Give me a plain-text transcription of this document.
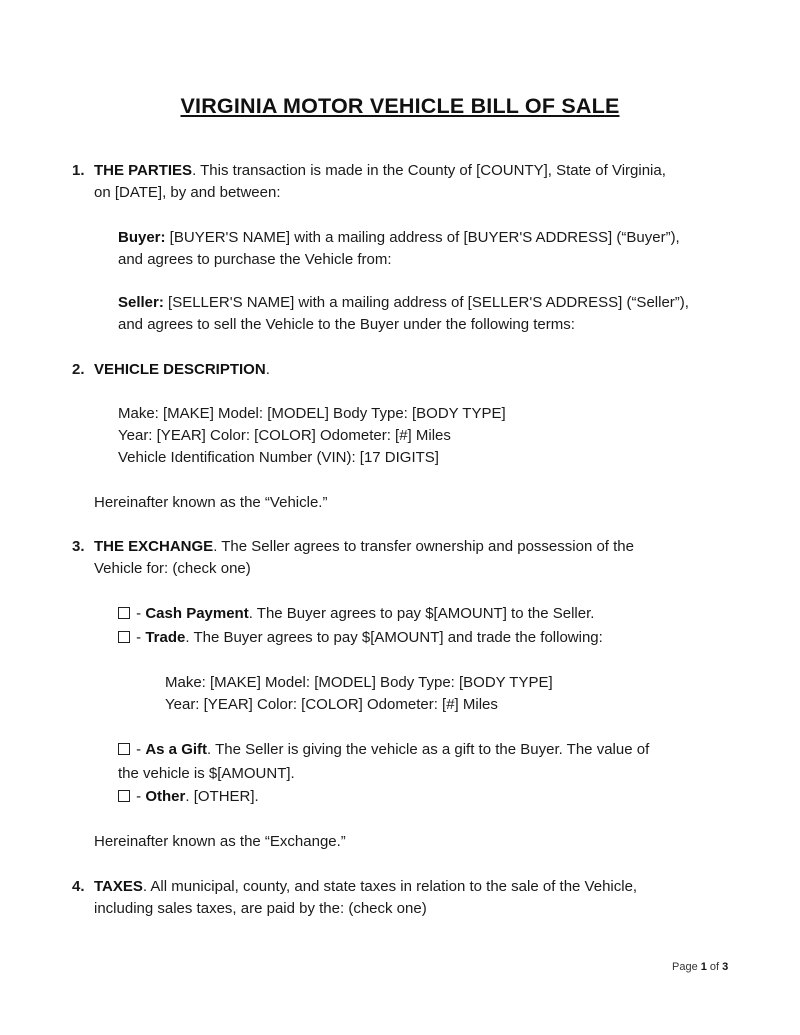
VIRGINIA MOTOR VEHICLE BILL OF SALE
1. THE PARTIES. This transaction is made in the County of [COUNTY], State of Virginia,
on [DATE], by and between:
Buyer: [BUYER'S NAME] with a mailing address of [BUYER'S ADDRESS] (“Buyer”),
and agrees to purchase the Vehicle from:
Seller: [SELLER'S NAME] with a mailing address of [SELLER'S ADDRESS] (“Seller”),
and agrees to sell the Vehicle to the Buyer under the following terms:
2. VEHICLE DESCRIPTION.
Make: [MAKE] Model: [MODEL] Body Type: [BODY TYPE]
Year: [YEAR] Color: [COLOR] Odometer: [#] Miles
Vehicle Identification Number (VIN): [17 DIGITS]
Hereinafter known as the “Vehicle.”
3. THE EXCHANGE. The Seller agrees to transfer ownership and possession of the
Vehicle for: (check one)
- Cash Payment. The Buyer agrees to pay $[AMOUNT] to the Seller.
- Trade. The Buyer agrees to pay $[AMOUNT] and trade the following:
Make: [MAKE] Model: [MODEL] Body Type: [BODY TYPE]
Year: [YEAR] Color: [COLOR] Odometer: [#] Miles
- As a Gift. The Seller is giving the vehicle as a gift to the Buyer. The value of
the vehicle is $[AMOUNT].
- Other. [OTHER].
Hereinafter known as the “Exchange.”
4. TAXES. All municipal, county, and state taxes in relation to the sale of the Vehicle,
including sales taxes, are paid by the: (check one)
Page 1 of 3
